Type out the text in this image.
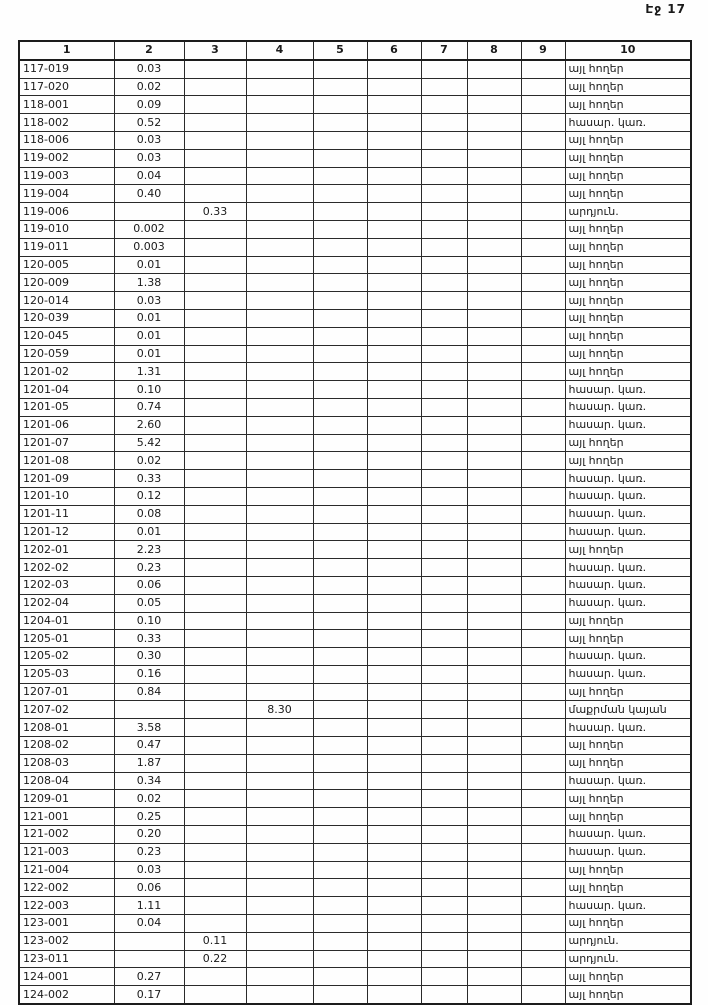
Էջ 17
1	2	3	4	5	6	7	8	9	10
117-019	0.03								այլ հողեր
117-020	0.02								այլ հողեր
118-001	0.09								այլ հողեր
118-002	0.52								հասար. կառ.
118-006	0.03								այլ հողեր
119-002	0.03								այլ հողեր
119-003	0.04								այլ հողեր
119-004	0.40								այլ հողեր
119-006		0.33							արդյուն.
119-010	0.002								այլ հողեր
119-011	0.003								այլ հողեր
120-005	0.01								այլ հողեր
120-009	1.38								այլ հողեր
120-014	0.03								այլ հողեր
120-039	0.01								այլ հողեր
120-045	0.01								այլ հողեր
120-059	0.01								այլ հողեր
1201-02	1.31								այլ հողեր
1201-04	0.10								հասար. կառ.
1201-05	0.74								հասար. կառ.
1201-06	2.60								հասար. կառ.
1201-07	5.42								այլ հողեր
1201-08	0.02								այլ հողեր
1201-09	0.33								հասար. կառ.
1201-10	0.12								հասար. կառ.
1201-11	0.08								հասար. կառ.
1201-12	0.01								հասար. կառ.
1202-01	2.23								այլ հողեր
1202-02	0.23								հասար. կառ.
1202-03	0.06								հասար. կառ.
1202-04	0.05								հասար. կառ.
1204-01	0.10								այլ հողեր
1205-01	0.33								այլ հողեր
1205-02	0.30								հասար. կառ.
1205-03	0.16								հասար. կառ.
1207-01	0.84								այլ հողեր
1207-02			8.30						մաքրման կայան
1208-01	3.58								հասար. կառ.
1208-02	0.47								այլ հողեր
1208-03	1.87								այլ հողեր
1208-04	0.34								հասար. կառ.
1209-01	0.02								այլ հողեր
121-001	0.25								այլ հողեր
121-002	0.20								հասար. կառ.
121-003	0.23								հասար. կառ.
121-004	0.03								այլ հողեր
122-002	0.06								այլ հողեր
122-003	1.11								հասար. կառ.
123-001	0.04								այլ հողեր
123-002		0.11							արդյուն.
123-011		0.22							արդյուն.
124-001	0.27								այլ հողեր
124-002	0.17								այլ հողեր
